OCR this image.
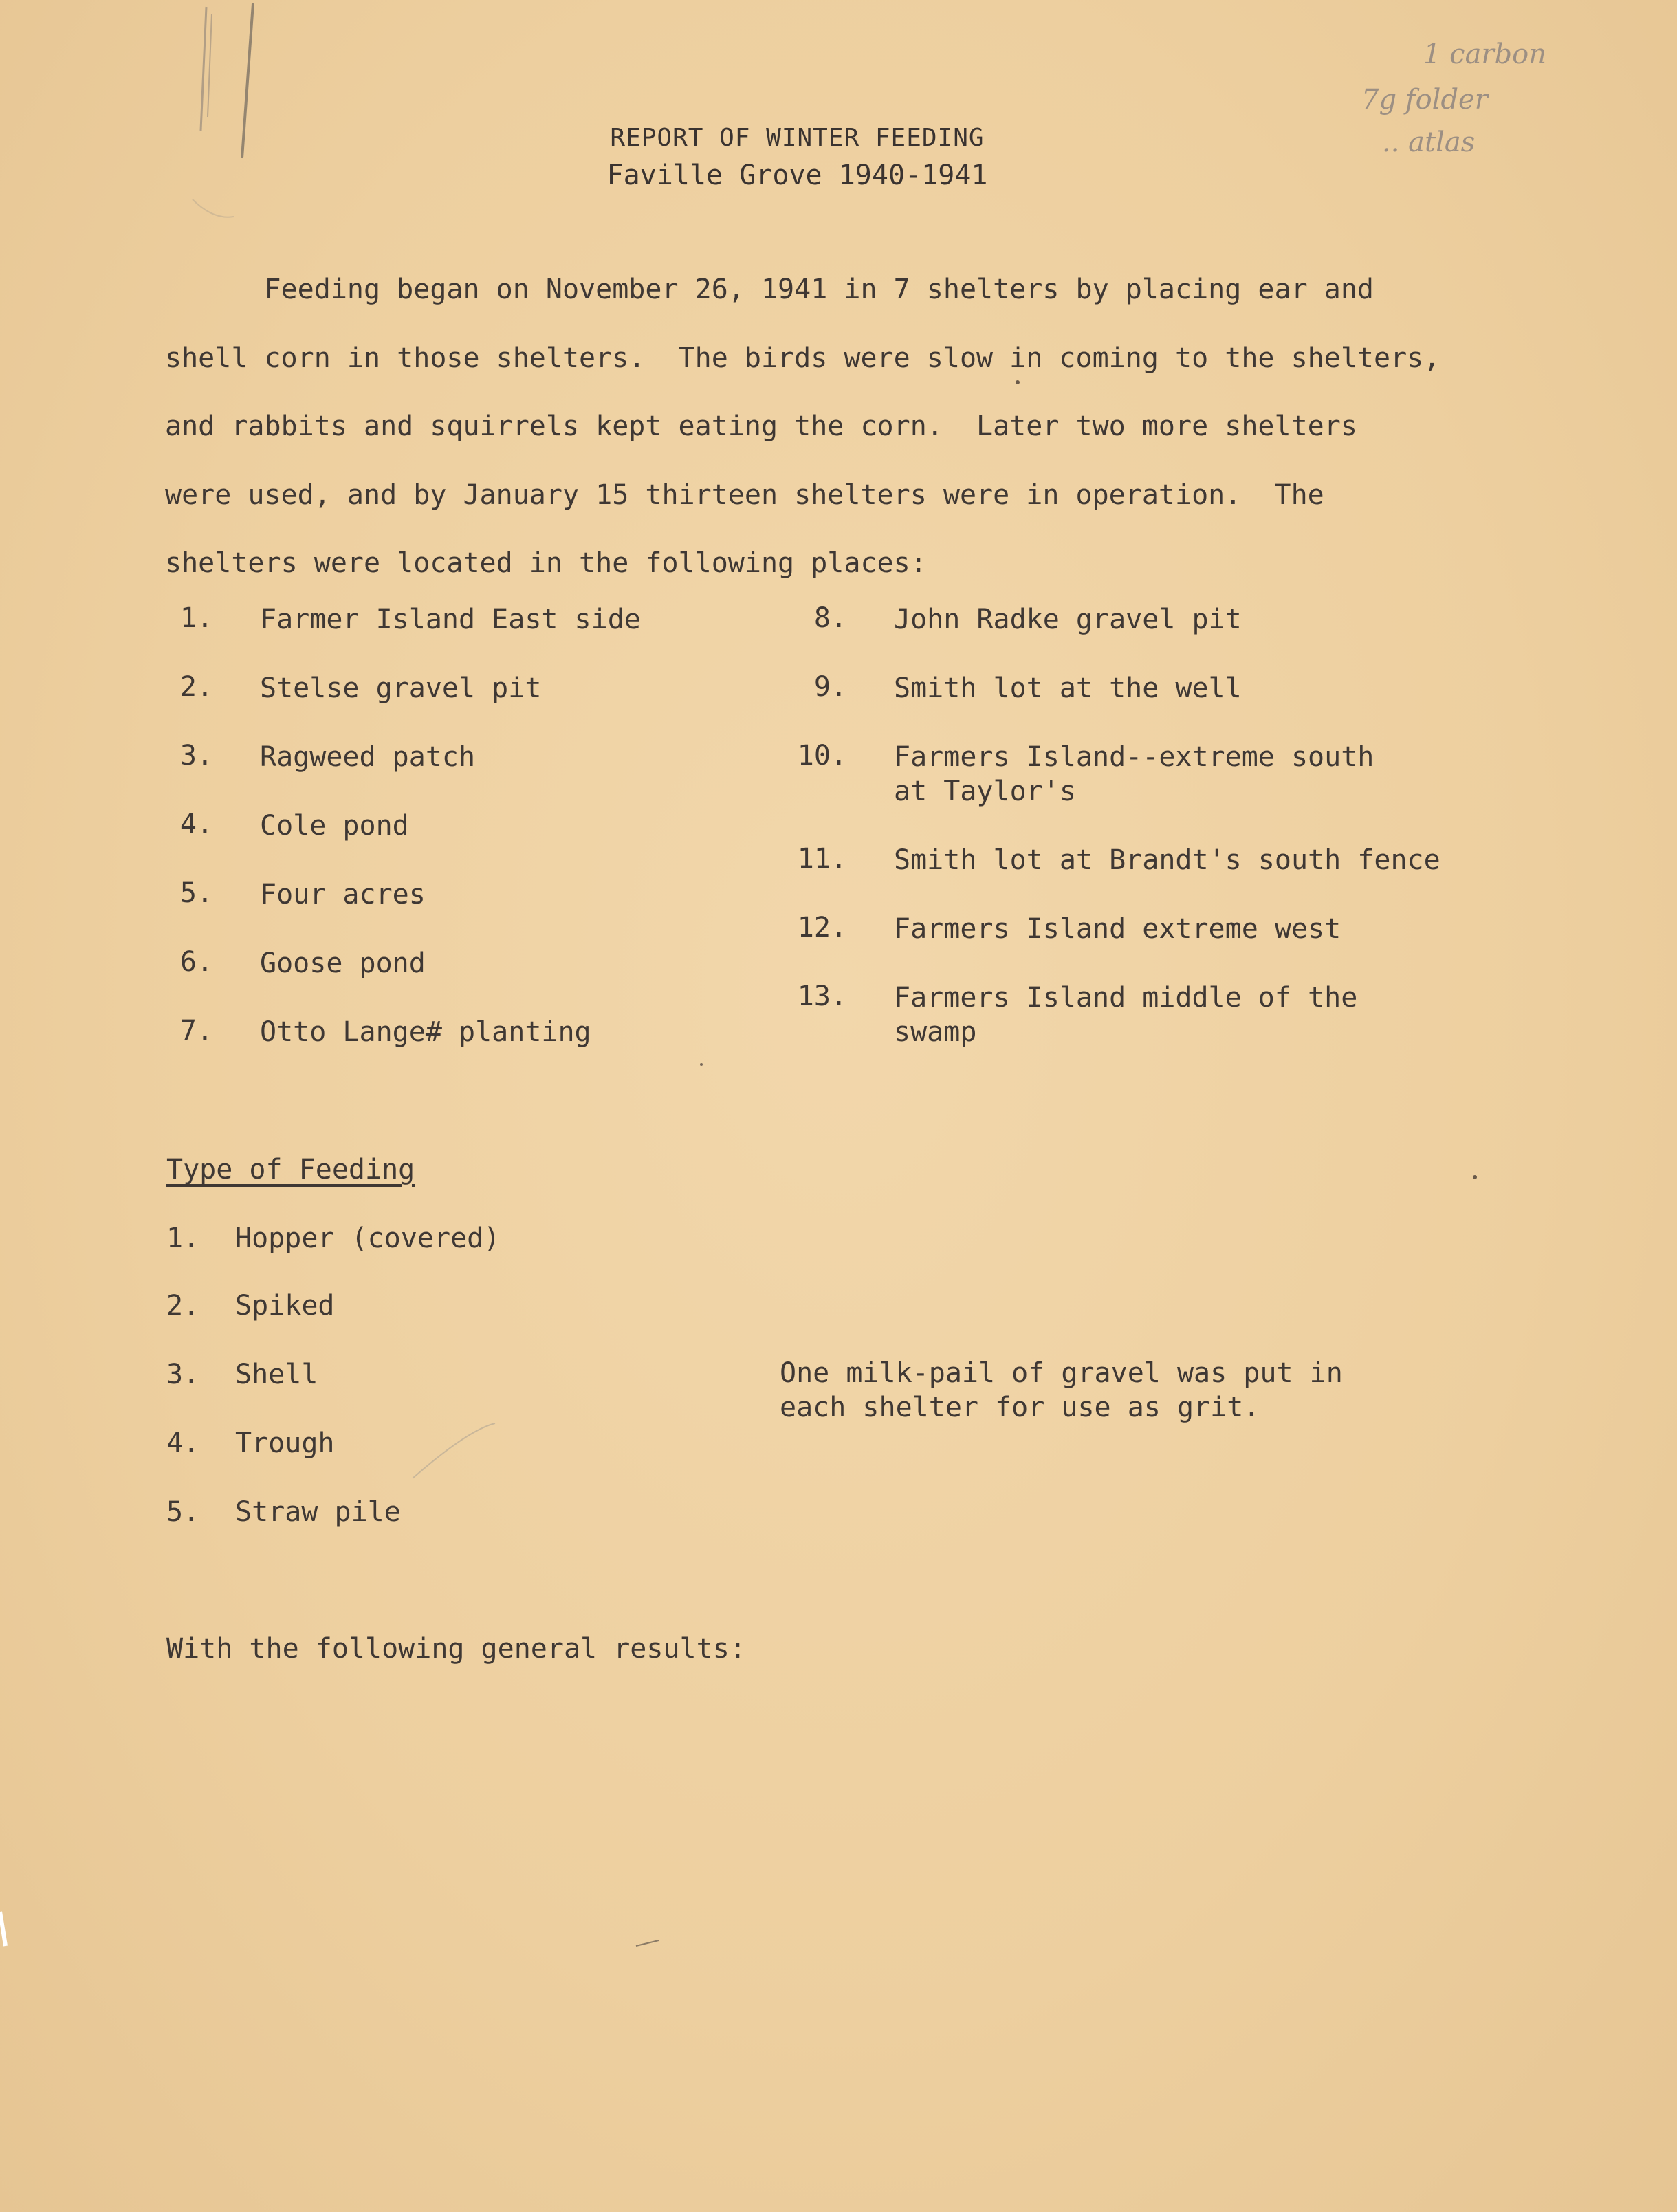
1 carbon
7g folder
.. atlas
REPORT OF WINTER FEEDING
Faville Grove 1940-1941
Feeding began on November 26, 1941 in 7 shelters by placing ear and
shell corn in those shelters.  The birds were slow in coming to the shelters,
and rabbits and squirrels kept eating the corn.  Later two more shelters
were used, and by January 15 thirteen shelters were in operation.  The
shelters were located in the following places:
1. Farmer Island East side
2. Stelse gravel pit
3. Ragweed patch
4. Cole pond
5. Four acres
6. Goose pond
7. Otto Lange# planting
8. John Radke gravel pit
9. Smith lot at the well
10. Farmers Island--extreme south
at Taylor's
11. Smith lot at Brandt's south fence
12. Farmers Island extreme west
13. Farmers Island middle of the
swamp
Type of Feeding
1. Hopper (covered)
2. Spiked
3. Shell
4. Trough
5. Straw pile
One milk-pail of gravel was put in
each shelter for use as grit.
With the following general results:
